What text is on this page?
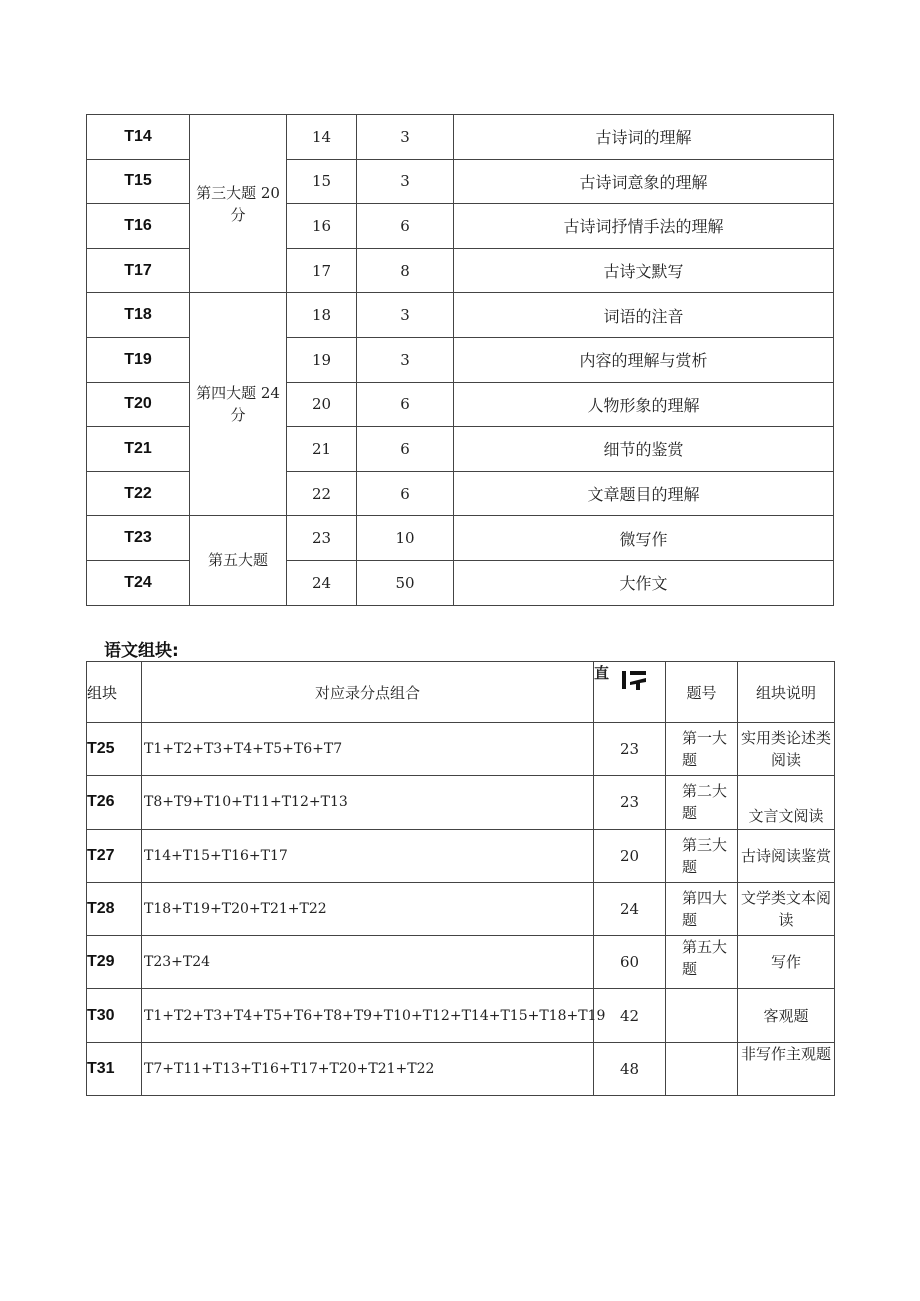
T14	第三大题 20 分	14	3	古诗词的理解
T15		15	3	古诗词意象的理解
T16		16	6	古诗词抒情手法的理解
T17		17	8	古诗文默写
T18	第四大题 24 分	18	3	词语的注音
T19		19	3	内容的理解与赏析
T20		20	6	人物形象的理解
T21		21	6	细节的鉴赏
T22		22	6	文章题目的理解
T23	第五大题	23	10	微写作
T24		24	50	大作文
语文组块:
组块	对应录分点组合	直	题号	组块说明
T25	T1+T2+T3+T4+T5+T6+T7	23	第一大题	实用类论述类阅读
T26	T8+T9+T10+T11+T12+T13	23	第二大题	文言文阅读
T27	T14+T15+T16+T17	20	第三大题	古诗阅读鉴赏
T28	T18+T19+T20+T21+T22	24	第四大题	文学类文本阅读
T29	T23+T24	60	第五大题	写作
T30	T1+T2+T3+T4+T5+T6+T8+T9+T10+T12+T14+T15+T18+T19	42		客观题
T31	T7+T11+T13+T16+T17+T20+T21+T22	48		非写作主观题
